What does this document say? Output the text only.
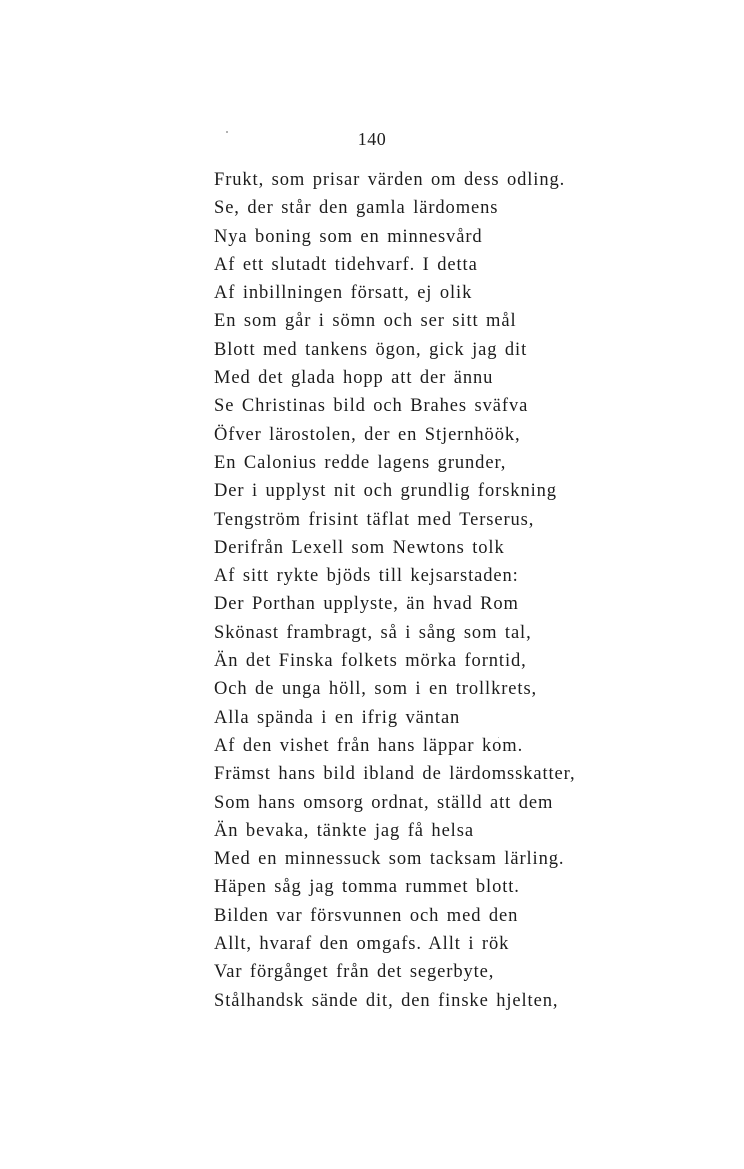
140
Frukt, som prisar värden om dess odling.
Se, der står den gamla lärdomens
Nya boning som en minnesvård
Af ett slutadt tidehvarf. I detta
Af inbillningen försatt, ej olik
En som går i sömn och ser sitt mål
Blott med tankens ögon, gick jag dit
Med det glada hopp att der ännu
Se Christinas bild och Brahes sväfva
Öfver lärostolen, der en Stjernhöök,
En Calonius redde lagens grunder,
Der i upplyst nit och grundlig forskning
Tengström frisint täflat med Terserus,
Derifrån Lexell som Newtons tolk
Af sitt rykte bjöds till kejsarstaden:
Der Porthan upplyste, än hvad Rom
Skönast frambragt, så i sång som tal,
Än det Finska folkets mörka forntid,
Och de unga höll, som i en trollkrets,
Alla spända i en ifrig väntan
Af den vishet från hans läppar kom.
Främst hans bild ibland de lärdomsskatter,
Som hans omsorg ordnat, ställd att dem
Än bevaka, tänkte jag få helsa
Med en minnessuck som tacksam lärling.
Häpen såg jag tomma rummet blott.
Bilden var försvunnen och med den
Allt, hvaraf den omgafs. Allt i rök
Var förgånget från det segerbyte,
Stålhandsk sände dit, den finske hjelten,
